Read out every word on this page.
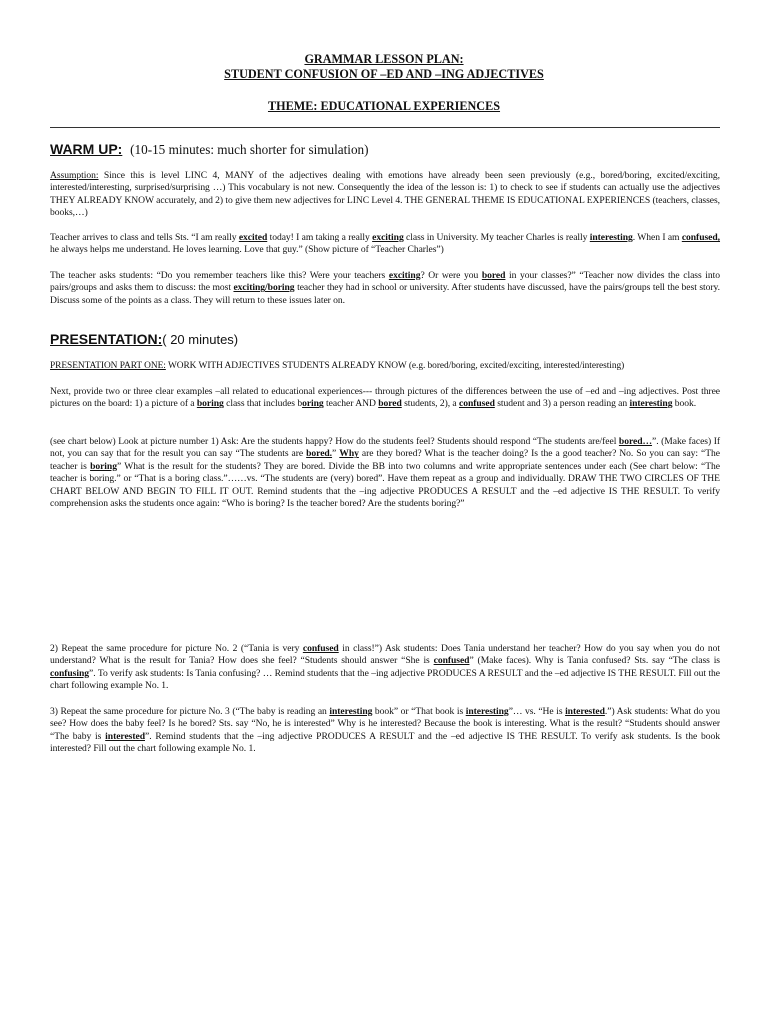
GRAMMAR LESSON PLAN:

STUDENT CONFUSION OF –ED AND –ING ADJECTIVES

THEME: EDUCATIONAL EXPERIENCES

WARM UP: (10-15 minutes: much shorter for simulation)

Assumption: Since this is level LINC 4, MANY of the adjectives dealing with emotions have already been seen previously (e.g., bored/boring, excited/exciting, interested/interesting, surprised/surprising …) This vocabulary is not new. Consequently the idea of the lesson is: 1) to check to see if students can actually use the adjectives THEY ALREADY KNOW accurately, and 2) to give them new adjectives for LINC Level 4. THE GENERAL THEME IS EDUCATIONAL EXPERIENCES (teachers, classes, books,…)

Teacher arrives to class and tells Sts. “I am really excited today! I am taking a really exciting class in University. My teacher Charles is really interesting. When I am confused, he always helps me understand. He loves learning. Love that guy.” (Show picture of “Teacher Charles”)

The teacher asks students: “Do you remember teachers like this? Were your teachers exciting? Or were you bored in your classes?” “Teacher now divides the class into pairs/groups and asks them to discuss: the most exciting/boring teacher they had in school or university. After students have discussed, have the pairs/groups tell the best story. Discuss some of the points as a class. They will return to these issues later on.

PRESENTATION:( 20 minutes)

PRESENTATION PART ONE: WORK WITH ADJECTIVES STUDENTS ALREADY KNOW (e.g. bored/boring, excited/exciting, interested/interesting)

Next, provide two or three clear examples –all related to educational experiences--- through pictures of the differences between the use of –ed and –ing adjectives. Post three pictures on the board: 1) a picture of a boring class that includes boring teacher AND bored students, 2), a confused student and 3) a person reading an interesting book.

(see chart below) Look at picture number 1) Ask: Are the students happy? How do the students feel? Students should respond “The students are/feel bored…”. (Make faces) If not, you can say that for the result you can say “The students are bored.” Why are they bored? What is the teacher doing? Is the a good teacher? No. So you can say: “The teacher is boring” What is the result for the students? They are bored. Divide the BB into two columns and write appropriate sentences under each (See chart below: “The teacher is boring.” or “That is a boring class.”……vs. “The students are (very) bored”. Have them repeat as a group and individually. DRAW THE TWO CIRCLES OF THE CHART BELOW AND BEGIN TO FILL IT OUT. Remind students that the –ing adjective PRODUCES A RESULT and the –ed adjective IS THE RESULT. To verify comprehension asks the students once again: “Who is boring? Is the teacher bored? Are the students boring?”

2) Repeat the same procedure for picture No. 2 (“Tania is very confused in class!”) Ask students: Does Tania understand her teacher? How do you say when you do not understand? What is the result for Tania? How does she feel? “Students should answer “She is confused” (Make faces). Why is Tania confused? Sts. say “The class is confusing”. To verify ask students: Is Tania confusing? … Remind students that the –ing adjective PRODUCES A RESULT and the –ed adjective IS THE RESULT. Fill out the chart following example No. 1.

3) Repeat the same procedure for picture No. 3 (“The baby is reading an interesting book” or “That book is interesting”… vs. “He is interested.”) Ask students: What do you see? How does the baby feel? Is he bored? Sts. say “No, he is interested” Why is he interested? Because the book is interesting. What is the result? “Students should answer “The baby is interested”. Remind students that the –ing adjective PRODUCES A RESULT and the –ed adjective IS THE RESULT. To verify ask students. Is the book interested? Fill out the chart following example No. 1.
